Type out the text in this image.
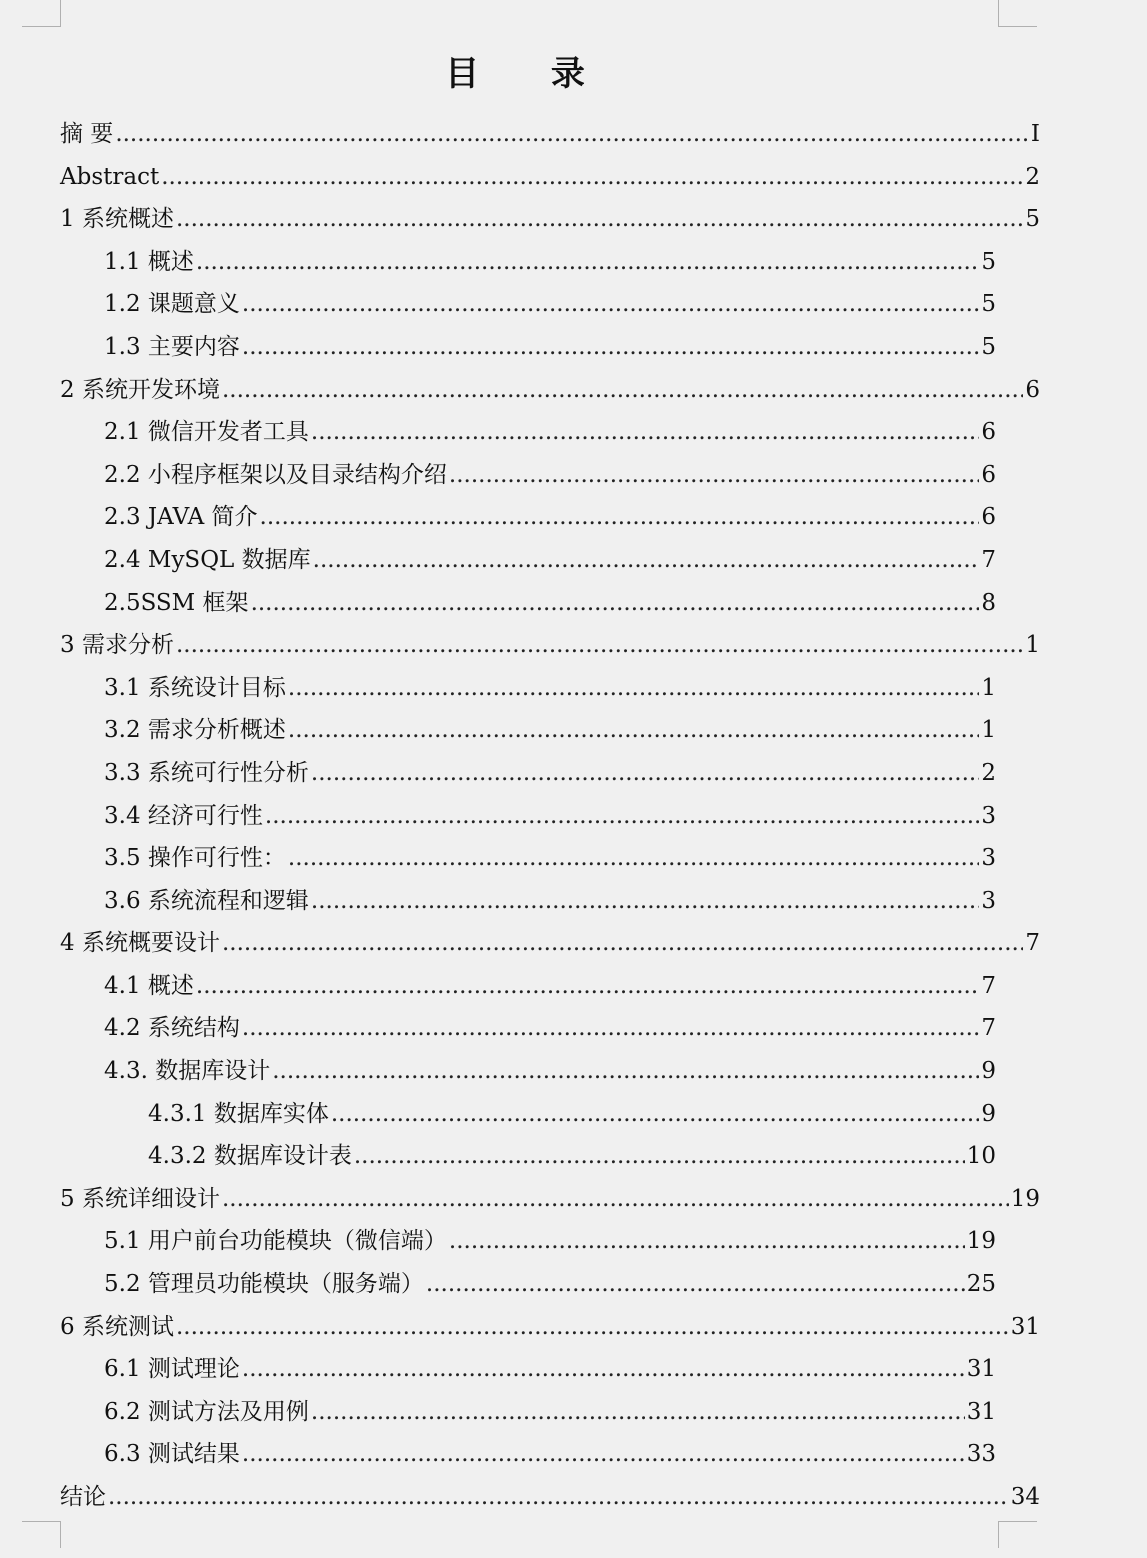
目 录
摘 要 .....	I
Abstract .....	2
1 系统概述 .....	5
1.1 概述 .....	5
1.2 课题意义 .....	5
1.3 主要内容 .....	5
2 系统开发环境 .....	6
2.1 微信开发者工具 .....	6
2.2 小程序框架以及目录结构介绍 .....	6
2.3 JAVA 简介 .....	6
2.4 MySQL 数据库 .....	7
2.5SSM 框架 .....	8
3 需求分析 .....	1
3.1 系统设计目标 .....	1
3.2 需求分析概述 .....	1
3.3 系统可行性分析 .....	2
3.4 经济可行性 .....	3
3.5 操作可行性： .....	3
3.6 系统流程和逻辑 .....	3
4 系统概要设计 .....	7
4.1 概述 .....	7
4.2 系统结构 .....	7
4.3. 数据库设计 .....	9
4.3.1 数据库实体 .....	9
4.3.2 数据库设计表 .....	10
5 系统详细设计 .....	19
5.1 用户前台功能模块（微信端） .....	19
5.2 管理员功能模块（服务端） .....	25
6 系统测试 .....	31
6.1 测试理论 .....	31
6.2 测试方法及用例 .....	31
6.3 测试结果 .....	33
结论 .....	34
